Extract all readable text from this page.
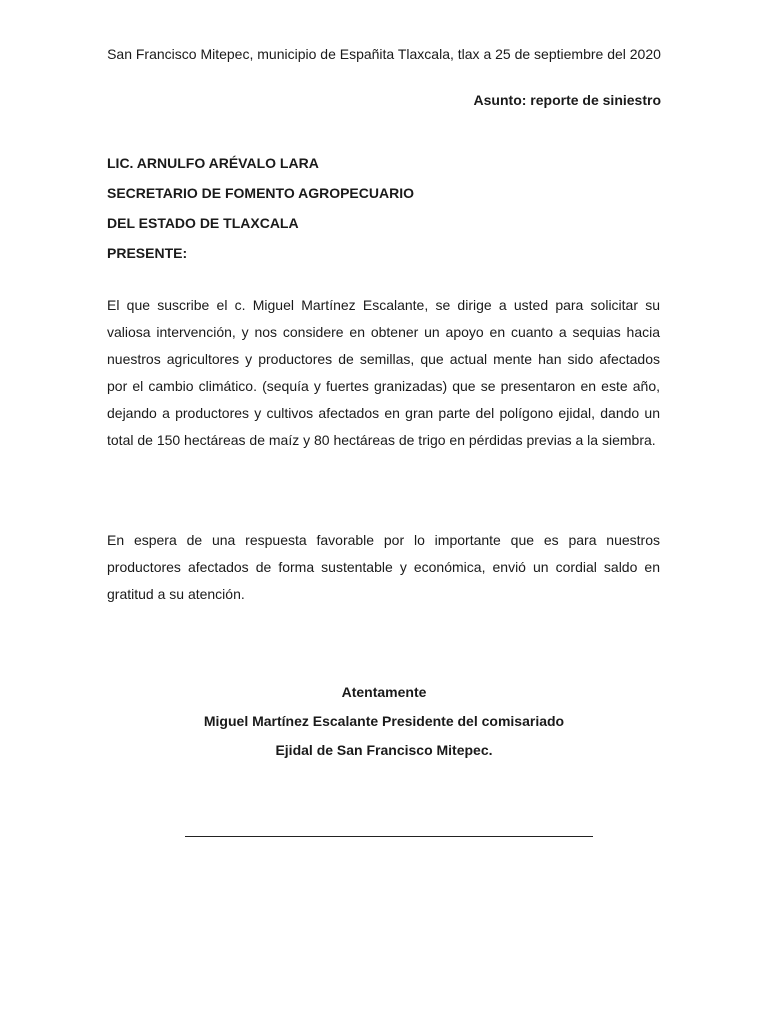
San Francisco Mitepec, municipio de Españita Tlaxcala, tlax a 25 de septiembre del 2020
Asunto: reporte de siniestro
LIC. ARNULFO ARÉVALO LARA
SECRETARIO DE FOMENTO AGROPECUARIO
DEL ESTADO DE TLAXCALA
PRESENTE:
El que suscribe el c. Miguel Martínez Escalante, se dirige a usted para solicitar su valiosa intervención, y nos considere en obtener un apoyo en cuanto a sequias hacia nuestros agricultores y productores de semillas, que actual mente han sido afectados por el cambio climático. (sequía y fuertes granizadas) que se presentaron en este año, dejando a productores y cultivos afectados en gran parte del polígono ejidal, dando un total de 150 hectáreas de maíz y 80 hectáreas de trigo en pérdidas previas a la siembra.
En espera de una respuesta favorable por lo importante que es para nuestros productores afectados de forma sustentable y económica, envió un cordial saldo en gratitud a su atención.
Atentamente
Miguel Martínez Escalante Presidente del comisariado
Ejidal de San Francisco Mitepec.
